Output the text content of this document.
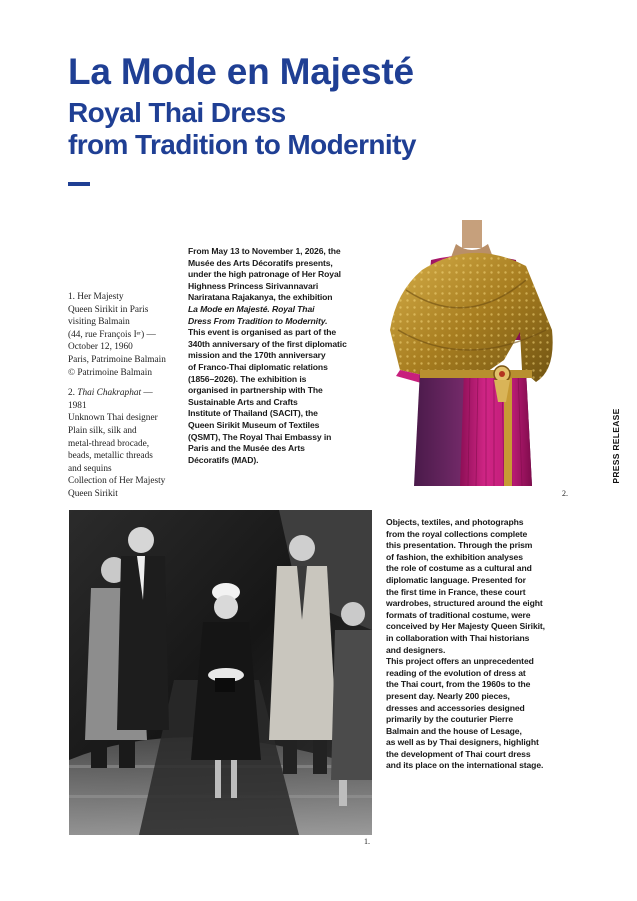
La Mode en Majesté
Royal Thai Dress
from Tradition to Modernity
1. Her Majesty
Queen Sirikit in Paris
visiting Balmain
(44, rue François Iᵉʳ) —
October 12, 1960
Paris, Patrimoine Balmain
© Patrimoine Balmain
2. Thai Chakraphat —
1981
Unknown Thai designer
Plain silk, silk and
metal-thread brocade,
beads, metallic threads
and sequins
Collection of Her Majesty
Queen Sirikit
From May 13 to November 1, 2026, the
Musée des Arts Décoratifs presents,
under the high patronage of Her Royal
Highness Princess Sirivannavari
Nariratana Rajakanya, the exhibition
La Mode en Majesté. Royal Thai
Dress From Tradition to Modernity.
This event is organised as part of the
340th anniversary of the first diplomatic
mission and the 170th anniversary
of Franco-Thai diplomatic relations
(1856–2026). The exhibition is
organised in partnership with The
Sustainable Arts and Crafts
Institute of Thailand (SACIT), the
Queen Sirikit Museum of Textiles
(QSMT), The Royal Thai Embassy in
Paris and the Musée des Arts
Décoratifs (MAD).
2.
1.
Objects, textiles, and photographs
from the royal collections complete
this presentation. Through the prism
of fashion, the exhibition analyses
the role of costume as a cultural and
diplomatic language. Presented for
the first time in France, these court
wardrobes, structured around the eight
formats of traditional costume, were
conceived by Her Majesty Queen Sirikit,
in collaboration with Thai historians
and designers.
This project offers an unprecedented
reading of the evolution of dress at
the Thai court, from the 1960s to the
present day. Nearly 200 pieces,
dresses and accessories designed
primarily by the couturier Pierre
Balmain and the house of Lesage,
as well as by Thai designers, highlight
the development of Thai court dress
and its place on the international stage.
PRESS RELEASE
